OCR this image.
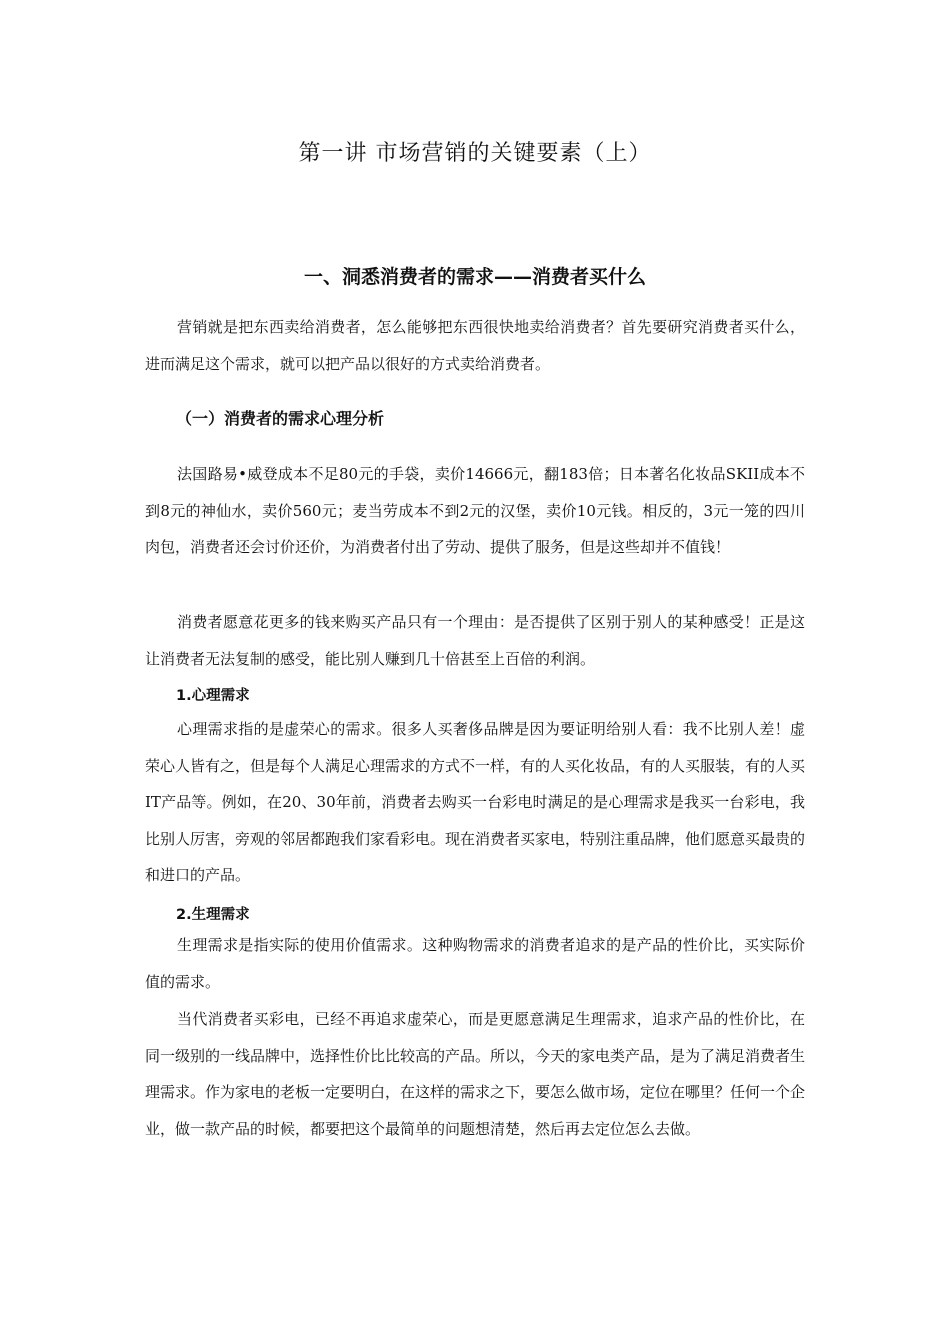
第一讲 市场营销的关键要素（上）
一、洞悉消费者的需求——消费者买什么

营销就是把东西卖给消费者，怎么能够把东西很快地卖给消费者？首先要研究消费者买什么，进而满足这个需求，就可以把产品以很好的方式卖给消费者。

（一）消费者的需求心理分析

法国路易•威登成本不足80元的手袋，卖价14666元，翻183倍；日本著名化妆品SKII成本不到8元的神仙水，卖价560元；麦当劳成本不到2元的汉堡，卖价10元钱。相反的，3元一笼的四川肉包，消费者还会讨价还价，为消费者付出了劳动、提供了服务，但是这些却并不值钱！

消费者愿意花更多的钱来购买产品只有一个理由：是否提供了区别于别人的某种感受！正是这让消费者无法复制的感受，能比别人赚到几十倍甚至上百倍的利润。

1.心理需求

心理需求指的是虚荣心的需求。很多人买奢侈品牌是因为要证明给别人看：我不比别人差！虚荣心人皆有之，但是每个人满足心理需求的方式不一样，有的人买化妆品，有的人买服装，有的人买IT产品等。例如，在20、30年前，消费者去购买一台彩电时满足的是心理需求是我买一台彩电，我比别人厉害，旁观的邻居都跑我们家看彩电。现在消费者买家电，特别注重品牌，他们愿意买最贵的和进口的产品。

2.生理需求

生理需求是指实际的使用价值需求。这种购物需求的消费者追求的是产品的性价比，买实际价值的需求。

当代消费者买彩电，已经不再追求虚荣心，而是更愿意满足生理需求，追求产品的性价比，在同一级别的一线品牌中，选择性价比比较高的产品。所以，今天的家电类产品，是为了满足消费者生理需求。作为家电的老板一定要明白，在这样的需求之下，要怎么做市场，定位在哪里？任何一个企业，做一款产品的时候，都要把这个最简单的问题想清楚，然后再去定位怎么去做。
